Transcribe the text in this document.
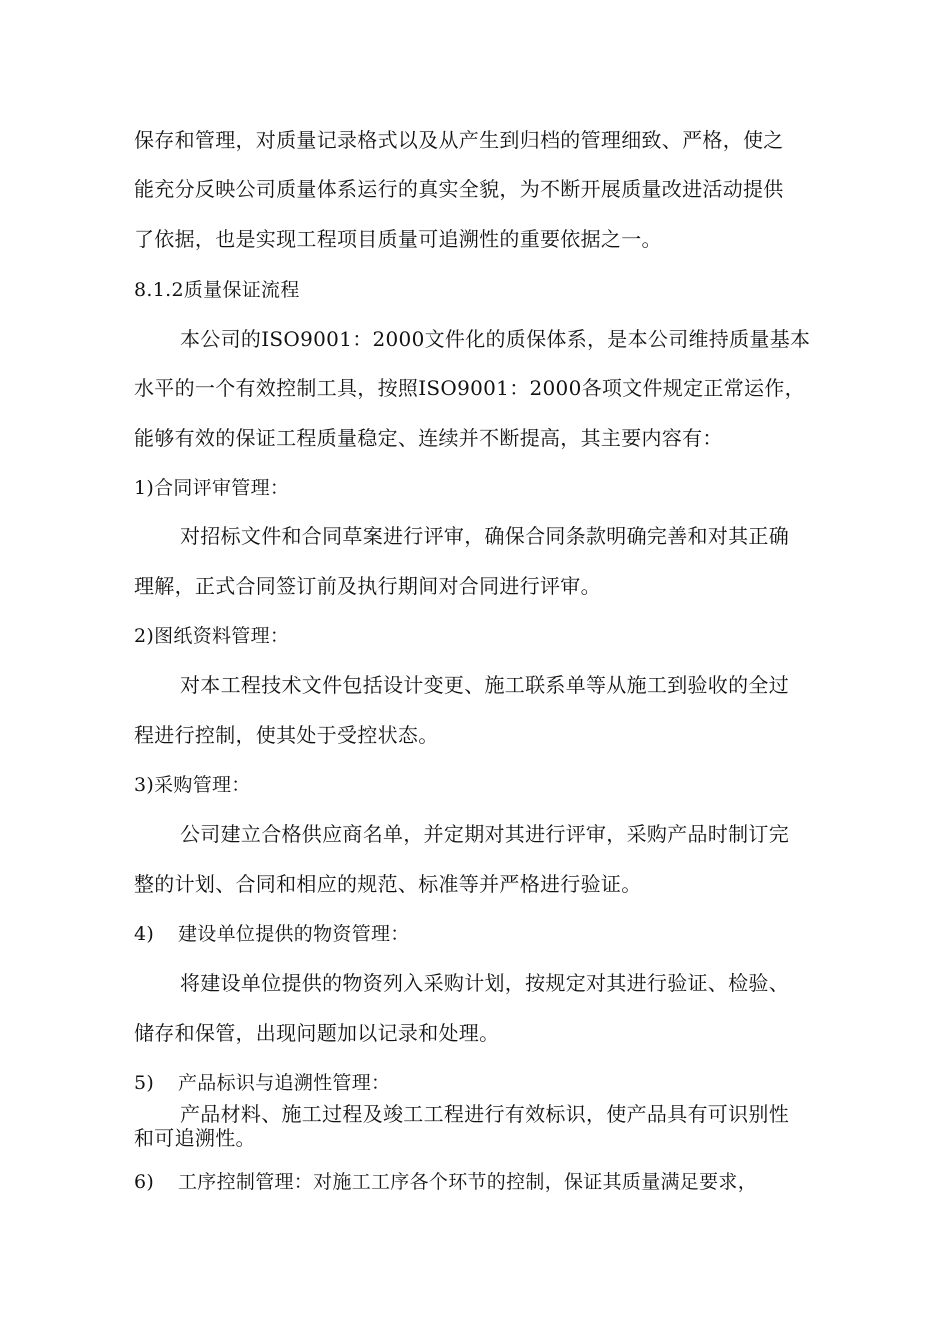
保存和管理，对质量记录格式以及从产生到归档的管理细致、严格，使之
能充分反映公司质量体系运行的真实全貌，为不断开展质量改进活动提供
了依据，也是实现工程项目质量可追溯性的重要依据之一。
8.1.2质量保证流程
本公司的ISO9001：2000文件化的质保体系，是本公司维持质量基本
水平的一个有效控制工具，按照ISO9001：2000各项文件规定正常运作，
能够有效的保证工程质量稳定、连续并不断提高，其主要内容有：
1)合同评审管理：
对招标文件和合同草案进行评审，确保合同条款明确完善和对其正确
理解，正式合同签订前及执行期间对合同进行评审。
2)图纸资料管理：
对本工程技术文件包括设计变更、施工联系单等从施工到验收的全过
程进行控制，使其处于受控状态。
3)采购管理：
公司建立合格供应商名单，并定期对其进行评审，采购产品时制订完
整的计划、合同和相应的规范、标准等并严格进行验证。
4) 建设单位提供的物资管理：
将建设单位提供的物资列入采购计划，按规定对其进行验证、检验、
储存和保管，出现问题加以记录和处理。
5) 产品标识与追溯性管理：
产品材料、施工过程及竣工工程进行有效标识，使产品具有可识别性
和可追溯性。
6) 工序控制管理：对施工工序各个环节的控制，保证其质量满足要求，
